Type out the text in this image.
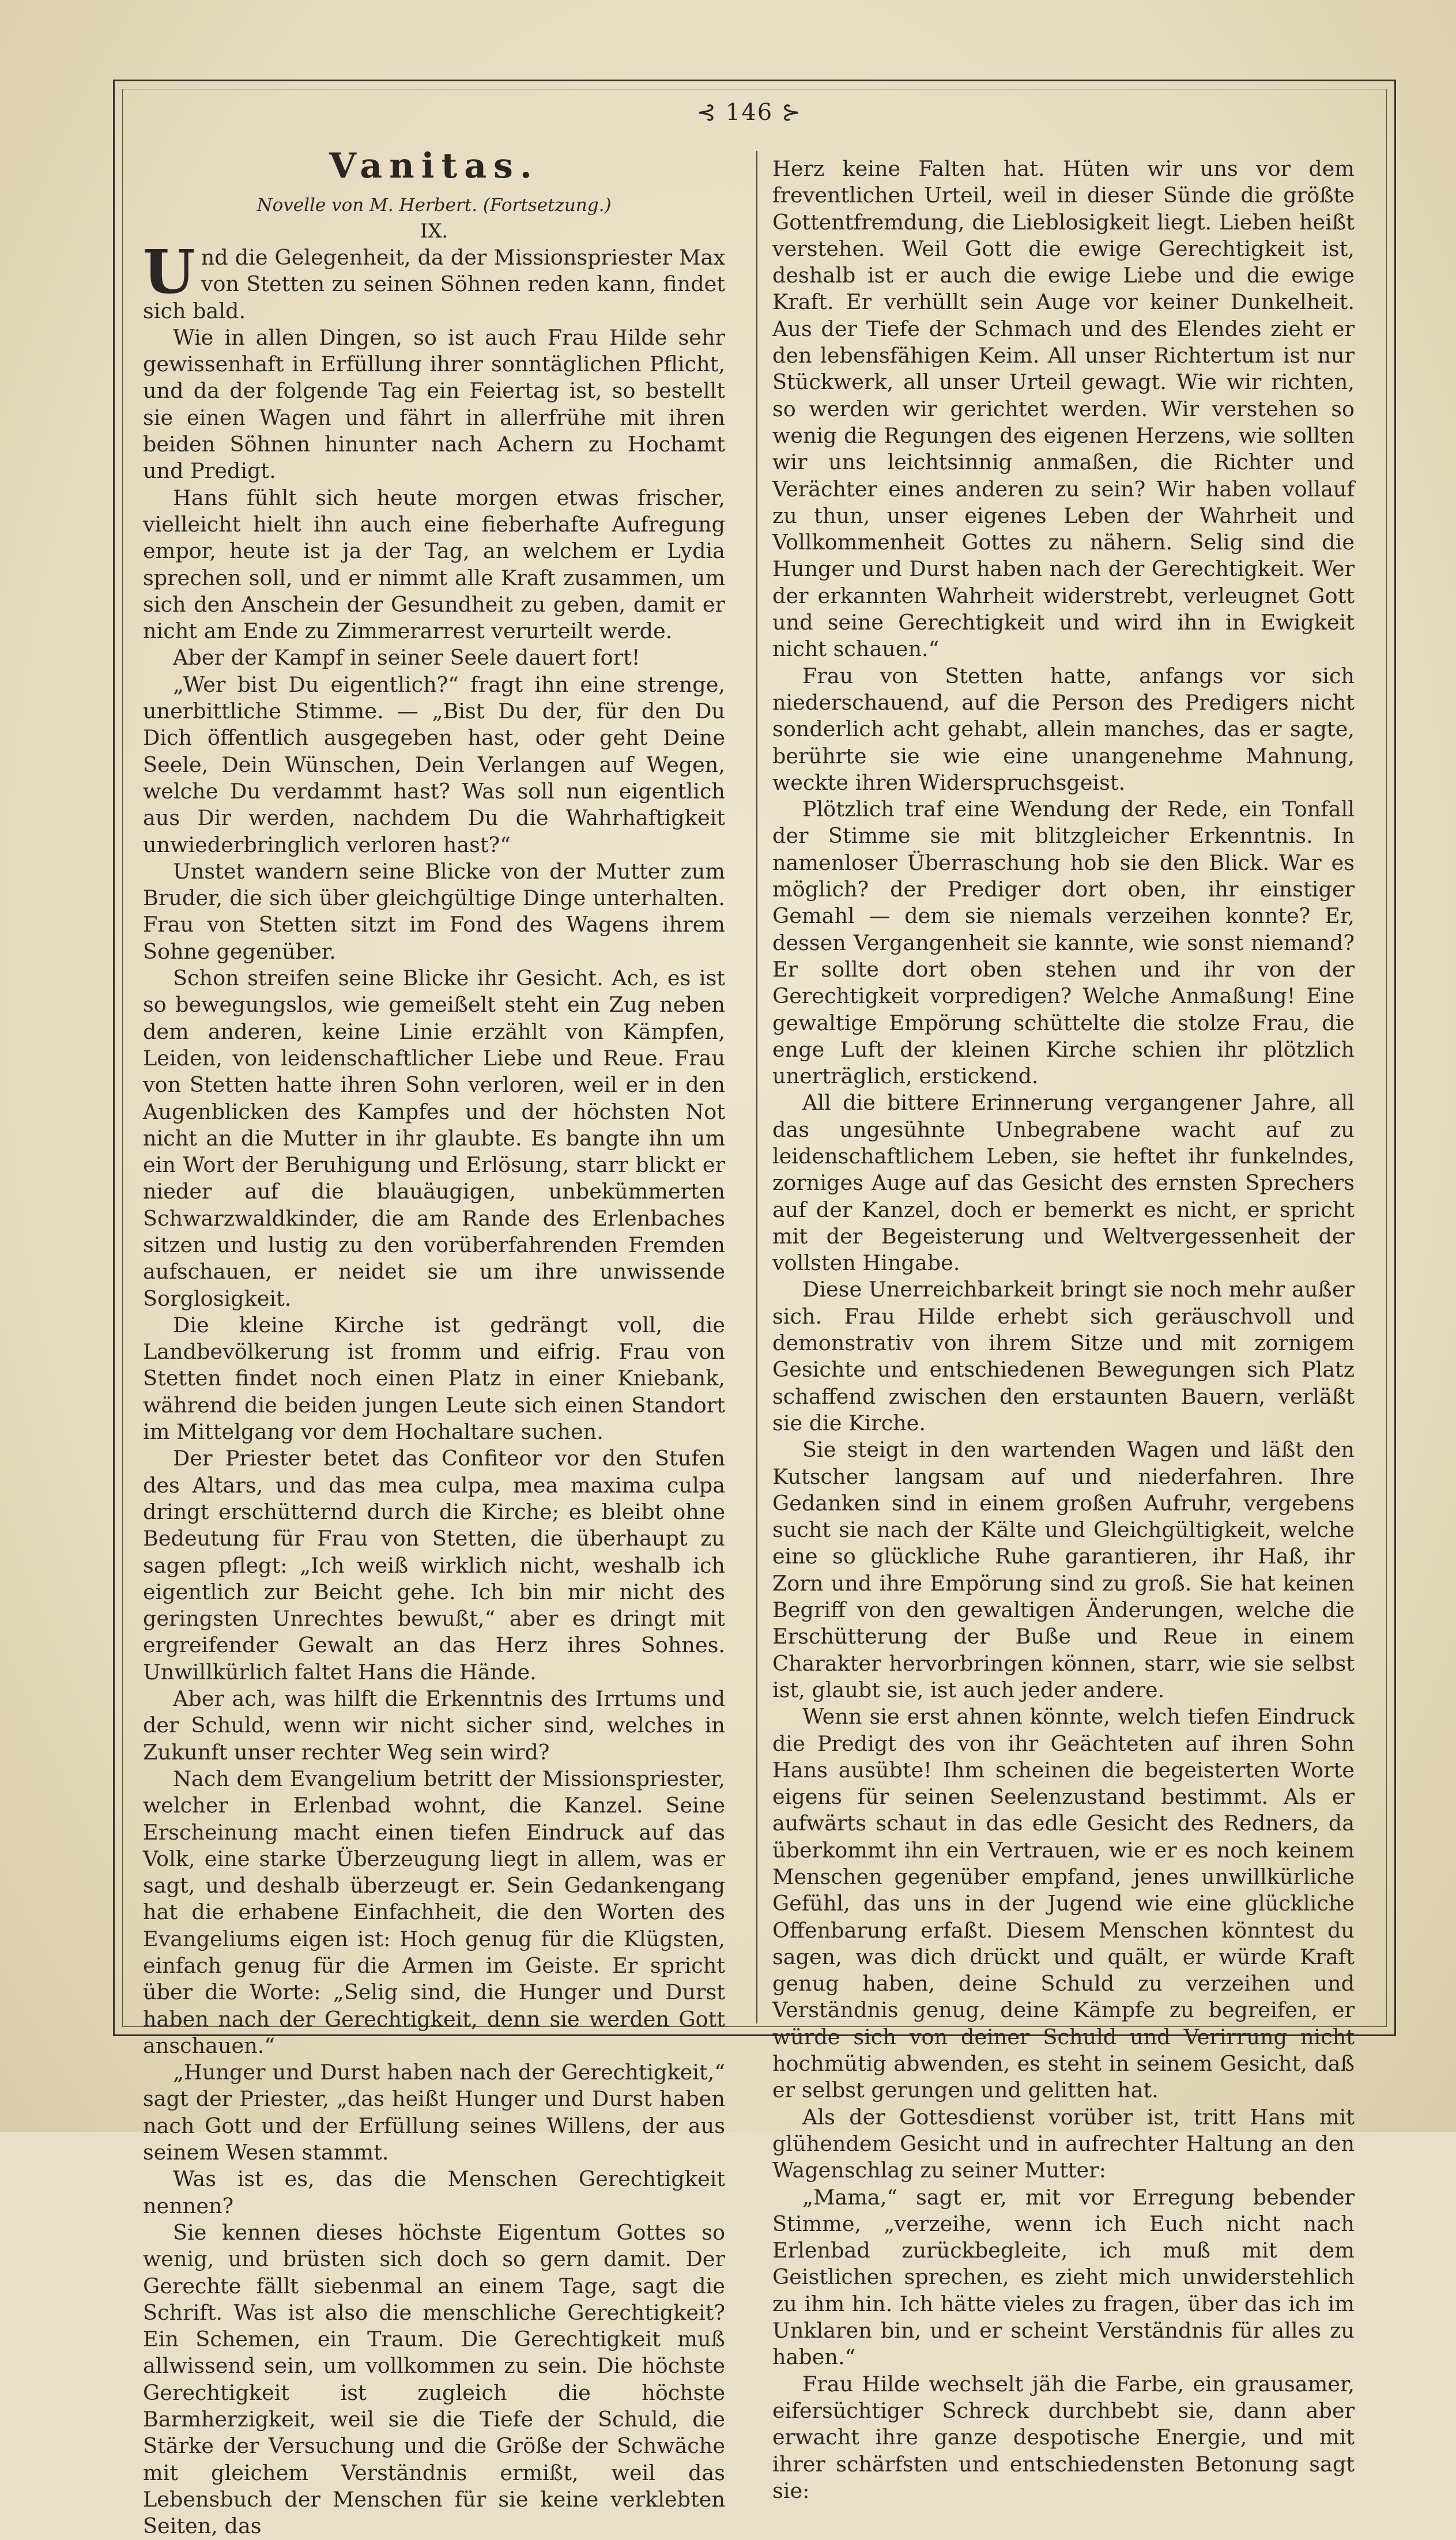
⊰ 146 ⊱
Vanitas.
Novelle von M. Herbert. (Fortsetzung.)
IX.

Und die Gelegenheit, da der Missionspriester Max von Stetten zu seinen Söhnen reden kann, findet sich bald.

Wie in allen Dingen, so ist auch Frau Hilde sehr gewissenhaft in Erfüllung ihrer sonntäglichen Pflicht, und da der folgende Tag ein Feiertag ist, so bestellt sie einen Wagen und fährt in allerfrühe mit ihren beiden Söhnen hinunter nach Achern zu Hochamt und Predigt.

Hans fühlt sich heute morgen etwas frischer, vielleicht hielt ihn auch eine fieberhafte Aufregung empor, heute ist ja der Tag, an welchem er Lydia sprechen soll, und er nimmt alle Kraft zusammen, um sich den Anschein der Gesundheit zu geben, damit er nicht am Ende zu Zimmerarrest verurteilt werde.

Aber der Kampf in seiner Seele dauert fort!

„Wer bist Du eigentlich?“ fragt ihn eine strenge, unerbittliche Stimme. — „Bist Du der, für den Du Dich öffentlich ausgegeben hast, oder geht Deine Seele, Dein Wünschen, Dein Verlangen auf Wegen, welche Du verdammt hast? Was soll nun eigentlich aus Dir werden, nachdem Du die Wahrhaftigkeit unwiederbringlich verloren hast?“

Unstet wandern seine Blicke von der Mutter zum Bruder, die sich über gleichgültige Dinge unterhalten. Frau von Stetten sitzt im Fond des Wagens ihrem Sohne gegenüber.

Schon streifen seine Blicke ihr Gesicht. Ach, es ist so bewegungslos, wie gemeißelt steht ein Zug neben dem anderen, keine Linie erzählt von Kämpfen, Leiden, von leidenschaftlicher Liebe und Reue. Frau von Stetten hatte ihren Sohn verloren, weil er in den Augenblicken des Kampfes und der höchsten Not nicht an die Mutter in ihr glaubte. Es bangte ihn um ein Wort der Beruhigung und Erlösung, starr blickt er nieder auf die blauäugigen, unbekümmerten Schwarzwaldkinder, die am Rande des Erlenbaches sitzen und lustig zu den vorüberfahrenden Fremden aufschauen, er neidet sie um ihre unwissende Sorglosigkeit.

Die kleine Kirche ist gedrängt voll, die Landbevölkerung ist fromm und eifrig. Frau von Stetten findet noch einen Platz in einer Kniebank, während die beiden jungen Leute sich einen Standort im Mittelgang vor dem Hochaltare suchen.

Der Priester betet das Confiteor vor den Stufen des Altars, und das mea culpa, mea maxima culpa dringt erschütternd durch die Kirche; es bleibt ohne Bedeutung für Frau von Stetten, die überhaupt zu sagen pflegt: „Ich weiß wirklich nicht, weshalb ich eigentlich zur Beicht gehe. Ich bin mir nicht des geringsten Unrechtes bewußt,“ aber es dringt mit ergreifender Gewalt an das Herz ihres Sohnes. Unwillkürlich faltet Hans die Hände.

Aber ach, was hilft die Erkenntnis des Irrtums und der Schuld, wenn wir nicht sicher sind, welches in Zukunft unser rechter Weg sein wird?

Nach dem Evangelium betritt der Missionspriester, welcher in Erlenbad wohnt, die Kanzel. Seine Erscheinung macht einen tiefen Eindruck auf das Volk, eine starke Überzeugung liegt in allem, was er sagt, und deshalb überzeugt er. Sein Gedankengang hat die erhabene Einfachheit, die den Worten des Evangeliums eigen ist: Hoch genug für die Klügsten, einfach genug für die Armen im Geiste. Er spricht über die Worte: „Selig sind, die Hunger und Durst haben nach der Gerechtigkeit, denn sie werden Gott anschauen.“

„Hunger und Durst haben nach der Gerechtigkeit,“ sagt der Priester, „das heißt Hunger und Durst haben nach Gott und der Erfüllung seines Willens, der aus seinem Wesen stammt.

Was ist es, das die Menschen Gerechtigkeit nennen?

Sie kennen dieses höchste Eigentum Gottes so wenig, und brüsten sich doch so gern damit. Der Gerechte fällt siebenmal an einem Tage, sagt die Schrift. Was ist also die menschliche Gerechtigkeit? Ein Schemen, ein Traum. Die Gerechtigkeit muß allwissend sein, um vollkommen zu sein. Die höchste Gerechtigkeit ist zugleich die höchste Barmherzigkeit, weil sie die Tiefe der Schuld, die Stärke der Versuchung und die Größe der Schwäche mit gleichem Verständnis ermißt, weil das Lebensbuch der Menschen für sie keine verklebten Seiten, das

Herz keine Falten hat. Hüten wir uns vor dem freventlichen Urteil, weil in dieser Sünde die größte Gottentfremdung, die Lieblosigkeit liegt. Lieben heißt verstehen. Weil Gott die ewige Gerechtigkeit ist, deshalb ist er auch die ewige Liebe und die ewige Kraft. Er verhüllt sein Auge vor keiner Dunkelheit. Aus der Tiefe der Schmach und des Elendes zieht er den lebensfähigen Keim. All unser Richtertum ist nur Stückwerk, all unser Urteil gewagt. Wie wir richten, so werden wir gerichtet werden. Wir verstehen so wenig die Regungen des eigenen Herzens, wie sollten wir uns leichtsinnig anmaßen, die Richter und Verächter eines anderen zu sein? Wir haben vollauf zu thun, unser eigenes Leben der Wahrheit und Vollkommenheit Gottes zu nähern. Selig sind die Hunger und Durst haben nach der Gerechtigkeit. Wer der erkannten Wahrheit widerstrebt, verleugnet Gott und seine Gerechtigkeit und wird ihn in Ewigkeit nicht schauen.“

Frau von Stetten hatte, anfangs vor sich niederschauend, auf die Person des Predigers nicht sonderlich acht gehabt, allein manches, das er sagte, berührte sie wie eine unangenehme Mahnung, weckte ihren Widerspruchsgeist.

Plötzlich traf eine Wendung der Rede, ein Tonfall der Stimme sie mit blitzgleicher Erkenntnis. In namenloser Überraschung hob sie den Blick. War es möglich? der Prediger dort oben, ihr einstiger Gemahl — dem sie niemals verzeihen konnte? Er, dessen Vergangenheit sie kannte, wie sonst niemand? Er sollte dort oben stehen und ihr von der Gerechtigkeit vorpredigen? Welche Anmaßung! Eine gewaltige Empörung schüttelte die stolze Frau, die enge Luft der kleinen Kirche schien ihr plötzlich unerträglich, erstickend.

All die bittere Erinnerung vergangener Jahre, all das ungesühnte Unbegrabene wacht auf zu leidenschaftlichem Leben, sie heftet ihr funkelndes, zorniges Auge auf das Gesicht des ernsten Sprechers auf der Kanzel, doch er bemerkt es nicht, er spricht mit der Begeisterung und Weltvergessenheit der vollsten Hingabe.

Diese Unerreichbarkeit bringt sie noch mehr außer sich. Frau Hilde erhebt sich geräuschvoll und demonstrativ von ihrem Sitze und mit zornigem Gesichte und entschiedenen Bewegungen sich Platz schaffend zwischen den erstaunten Bauern, verläßt sie die Kirche.

Sie steigt in den wartenden Wagen und läßt den Kutscher langsam auf und niederfahren. Ihre Gedanken sind in einem großen Aufruhr, vergebens sucht sie nach der Kälte und Gleichgültigkeit, welche eine so glückliche Ruhe garantieren, ihr Haß, ihr Zorn und ihre Empörung sind zu groß. Sie hat keinen Begriff von den gewaltigen Änderungen, welche die Erschütterung der Buße und Reue in einem Charakter hervorbringen können, starr, wie sie selbst ist, glaubt sie, ist auch jeder andere.

Wenn sie erst ahnen könnte, welch tiefen Eindruck die Predigt des von ihr Geächteten auf ihren Sohn Hans ausübte! Ihm scheinen die begeisterten Worte eigens für seinen Seelenzustand bestimmt. Als er aufwärts schaut in das edle Gesicht des Redners, da überkommt ihn ein Vertrauen, wie er es noch keinem Menschen gegenüber empfand, jenes unwillkürliche Gefühl, das uns in der Jugend wie eine glückliche Offenbarung erfaßt. Diesem Menschen könntest du sagen, was dich drückt und quält, er würde Kraft genug haben, deine Schuld zu verzeihen und Verständnis genug, deine Kämpfe zu begreifen, er würde sich von deiner Schuld und Verirrung nicht hochmütig abwenden, es steht in seinem Gesicht, daß er selbst gerungen und gelitten hat.

Als der Gottesdienst vorüber ist, tritt Hans mit glühendem Gesicht und in aufrechter Haltung an den Wagenschlag zu seiner Mutter:

„Mama,“ sagt er, mit vor Erregung bebender Stimme, „verzeihe, wenn ich Euch nicht nach Erlenbad zurückbegleite, ich muß mit dem Geistlichen sprechen, es zieht mich unwiderstehlich zu ihm hin. Ich hätte vieles zu fragen, über das ich im Unklaren bin, und er scheint Verständnis für alles zu haben.“

Frau Hilde wechselt jäh die Farbe, ein grausamer, eifersüchtiger Schreck durchbebt sie, dann aber erwacht ihre ganze despotische Energie, und mit ihrer schärfsten und entschiedensten Betonung sagt sie:
